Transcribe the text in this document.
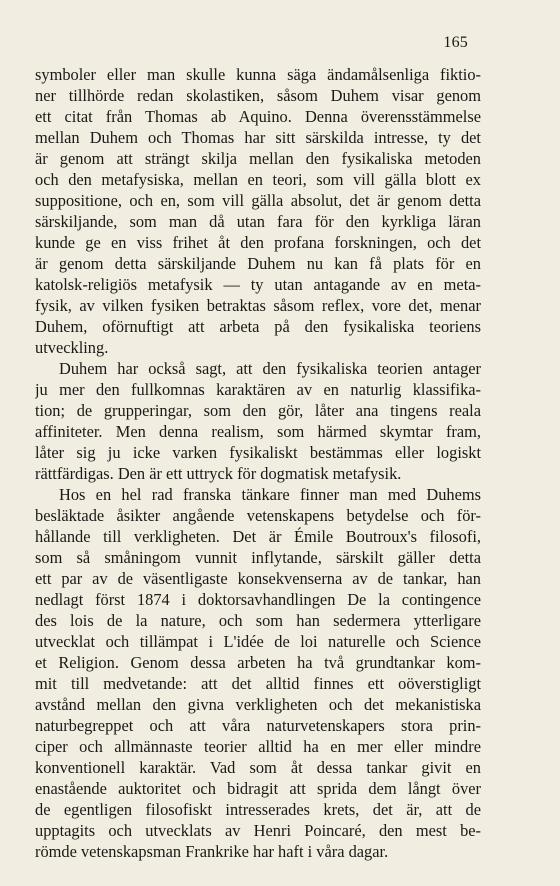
165
symboler eller man skulle kunna säga ändamålsenliga fiktio-
ner tillhörde redan skolastiken, såsom Duhem visar genom
ett citat från Thomas ab Aquino. Denna överensstämmelse
mellan Duhem och Thomas har sitt särskilda intresse, ty det
är genom att strängt skilja mellan den fysikaliska metoden
och den metafysiska, mellan en teori, som vill gälla blott ex
suppositione, och en, som vill gälla absolut, det är genom detta
särskiljande, som man då utan fara för den kyrkliga läran
kunde ge en viss frihet åt den profana forskningen, och det
är genom detta särskiljande Duhem nu kan få plats för en
katolsk-religiös metafysik — ty utan antagande av en meta-
fysik, av vilken fysiken betraktas såsom reflex, vore det, menar
Duhem, oförnuftigt att arbeta på den fysikaliska teoriens
utveckling.
Duhem har också sagt, att den fysikaliska teorien antager
ju mer den fullkomnas karaktären av en naturlig klassifika-
tion; de grupperingar, som den gör, låter ana tingens reala
affiniteter. Men denna realism, som härmed skymtar fram,
låter sig ju icke varken fysikaliskt bestämmas eller logiskt
rättfärdigas. Den är ett uttryck för dogmatisk metafysik.
Hos en hel rad franska tänkare finner man med Duhems
besläktade åsikter angående vetenskapens betydelse och för-
hållande till verkligheten. Det är Émile Boutroux's filosofi,
som så småningom vunnit inflytande, särskilt gäller detta
ett par av de väsentligaste konsekvenserna av de tankar, han
nedlagt först 1874 i doktorsavhandlingen De la contingence
des lois de la nature, och som han sedermera ytterligare
utvecklat och tillämpat i L'idée de loi naturelle och Science
et Religion. Genom dessa arbeten ha två grundtankar kom-
mit till medvetande: att det alltid finnes ett oöverstigligt
avstånd mellan den givna verkligheten och det mekanistiska
naturbegreppet och att våra naturvetenskapers stora prin-
ciper och allmännaste teorier alltid ha en mer eller mindre
konventionell karaktär. Vad som åt dessa tankar givit en
enastående auktoritet och bidragit att sprida dem långt över
de egentligen filosofiskt intresserades krets, det är, att de
upptagits och utvecklats av Henri Poincaré, den mest be-
römde vetenskapsman Frankrike har haft i våra dagar.
